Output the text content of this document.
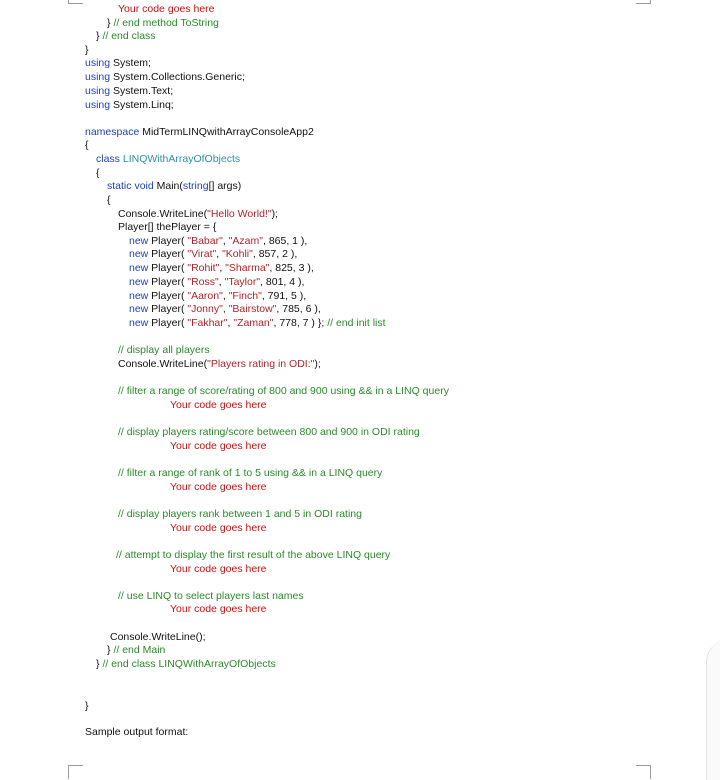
Your code goes here
} // end method ToString
} // end class
}
using System;
using System.Collections.Generic;
using System.Text;
using System.Linq;
namespace MidTermLINQwithArrayConsoleApp2
{
class LINQWithArrayOfObjects
{
static void Main(string[] args)
{
Console.WriteLine("Hello World!");
Player[] thePlayer = {
new Player( "Babar", "Azam", 865, 1 ),
new Player( "Virat", "Kohli", 857, 2 ),
new Player( "Rohit", "Sharma", 825, 3 ),
new Player( "Ross", "Taylor", 801, 4 ),
new Player( "Aaron", "Finch", 791, 5 ),
new Player( "Jonny", "Bairstow", 785, 6 ),
new Player( "Fakhar", "Zaman", 778, 7 ) }; // end init list
// display all players
Console.WriteLine("Players rating in ODI:");
// filter a range of score/rating of 800 and 900 using && in a LINQ query
Your code goes here
// display players rating/score between 800 and 900 in ODI rating
Your code goes here
// filter a range of rank of 1 to 5 using && in a LINQ query
Your code goes here
// display players rank between 1 and 5 in ODI rating
Your code goes here
// attempt to display the first result of the above LINQ query
Your code goes here
// use LINQ to select players last names
Your code goes here
Console.WriteLine();
} // end Main
} // end class LINQWithArrayOfObjects
}
Sample output format:
